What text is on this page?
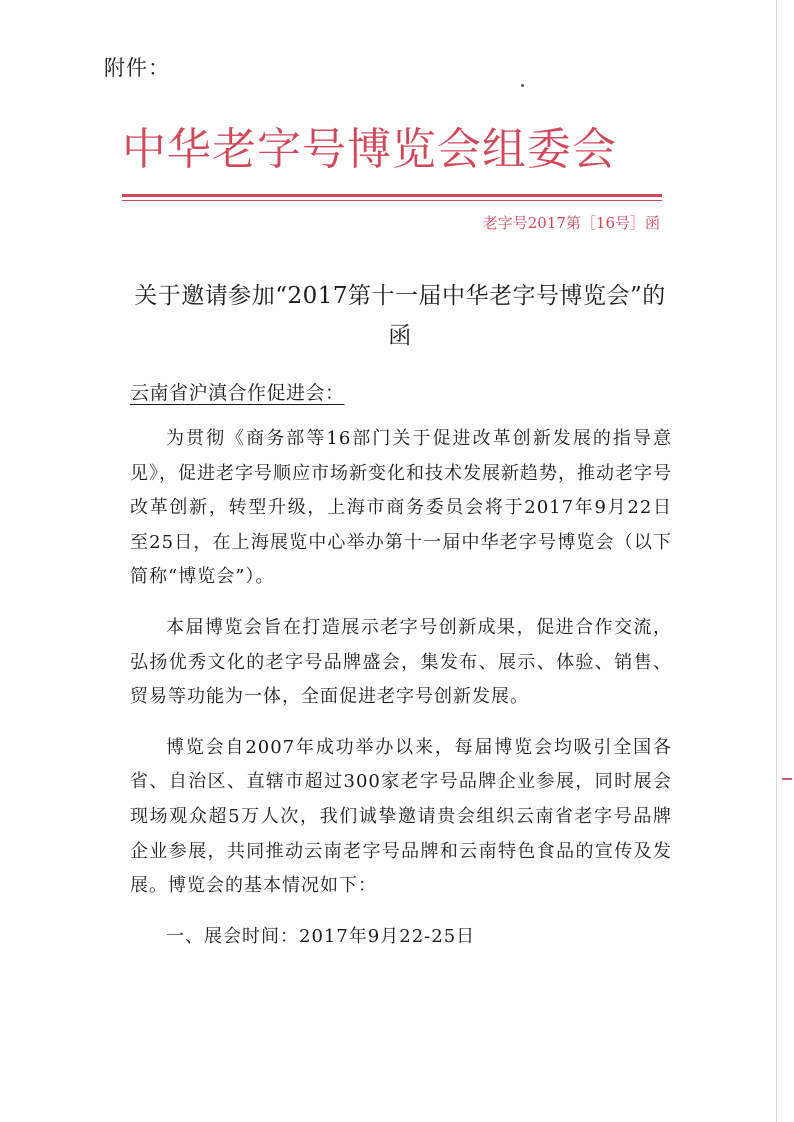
附件：
中华老字号博览会组委会
老字号2017第［16号］函
关于邀请参加“2017第十一届中华老字号博览会”的
函
云南省沪滇合作促进会：

为贯彻《商务部等16部门关于促进改革创新发展的指导意见》，促进老字号顺应市场新变化和技术发展新趋势，推动老字号改革创新，转型升级，上海市商务委员会将于2017年9月22日至25日，在上海展览中心举办第十一届中华老字号博览会（以下简称“博览会”）。

本届博览会旨在打造展示老字号创新成果，促进合作交流，弘扬优秀文化的老字号品牌盛会，集发布、展示、体验、销售、贸易等功能为一体，全面促进老字号创新发展。

博览会自2007年成功举办以来，每届博览会均吸引全国各省、自治区、直辖市超过300家老字号品牌企业参展，同时展会现场观众超5万人次，我们诚挚邀请贵会组织云南省老字号品牌企业参展，共同推动云南老字号品牌和云南特色食品的宣传及发展。博览会的基本情况如下：

一、展会时间：2017年9月22-25日
